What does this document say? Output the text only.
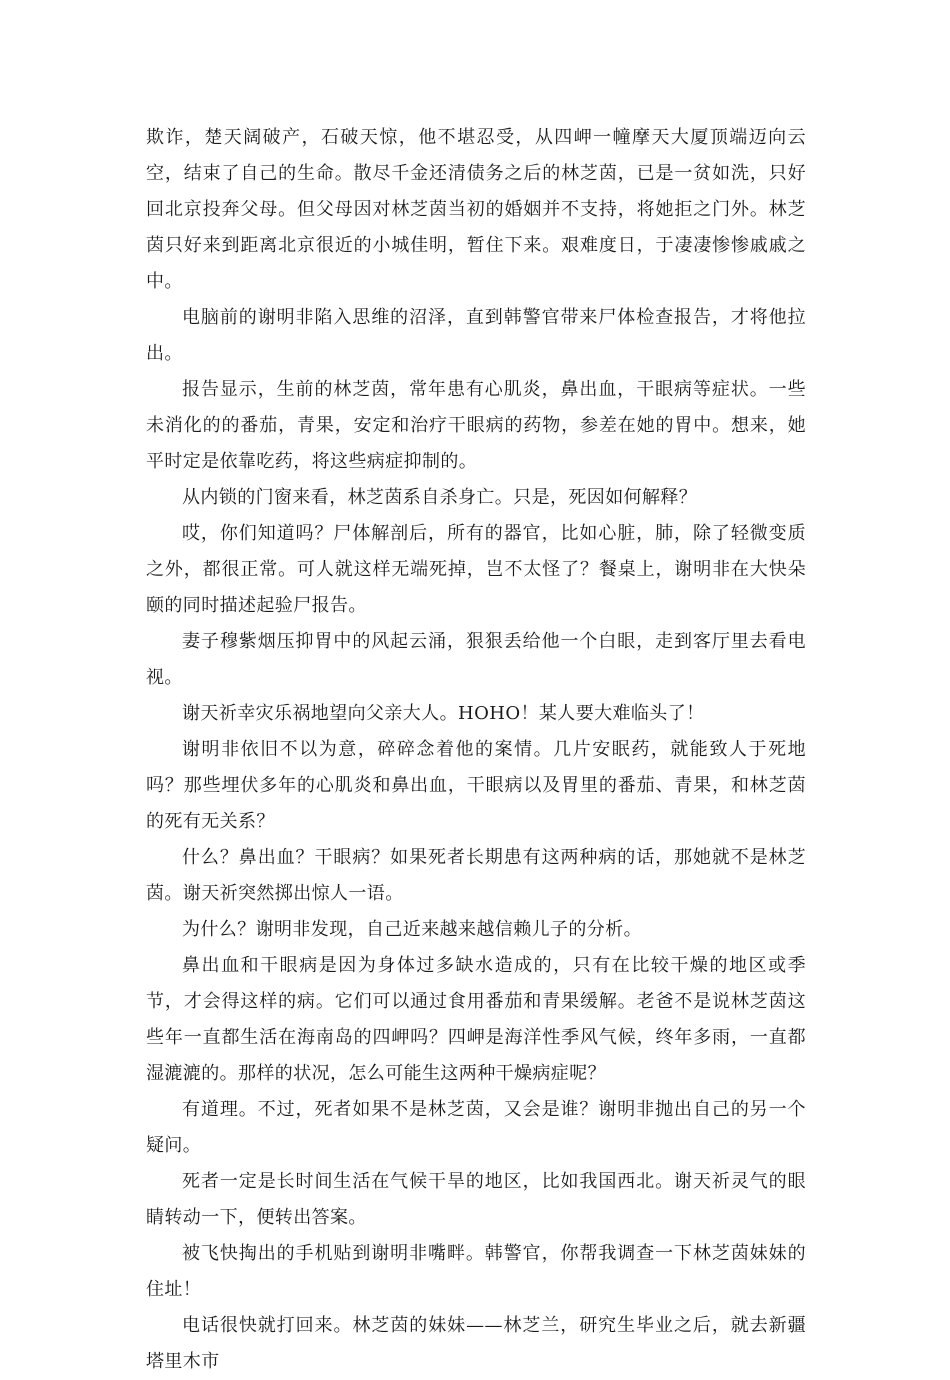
欺诈，楚天阔破产，石破天惊，他不堪忍受，从四岬一幢摩天大厦顶端迈向云空，结束了自己的生命。散尽千金还清债务之后的林芝茵，已是一贫如洗，只好回北京投奔父母。但父母因对林芝茵当初的婚姻并不支持，将她拒之门外。林芝茵只好来到距离北京很近的小城佳明，暂住下来。艰难度日，于凄凄惨惨戚戚之中。

电脑前的谢明非陷入思维的沼泽，直到韩警官带来尸体检查报告，才将他拉出。

报告显示，生前的林芝茵，常年患有心肌炎，鼻出血，干眼病等症状。一些未消化的的番茄，青果，安定和治疗干眼病的药物，参差在她的胃中。想来，她平时定是依靠吃药，将这些病症抑制的。

从内锁的门窗来看，林芝茵系自杀身亡。只是，死因如何解释？

哎，你们知道吗？尸体解剖后，所有的器官，比如心脏，肺，除了轻微变质之外，都很正常。可人就这样无端死掉，岂不太怪了？餐桌上，谢明非在大快朵颐的同时描述起验尸报告。

妻子穆紫烟压抑胃中的风起云涌，狠狠丢给他一个白眼，走到客厅里去看电视。

谢天祈幸灾乐祸地望向父亲大人。HOHO！某人要大难临头了！

谢明非依旧不以为意，碎碎念着他的案情。几片安眠药，就能致人于死地吗？那些埋伏多年的心肌炎和鼻出血，干眼病以及胃里的番茄、青果，和林芝茵的死有无关系？

什么？鼻出血？干眼病？如果死者长期患有这两种病的话，那她就不是林芝茵。谢天祈突然掷出惊人一语。

为什么？谢明非发现，自己近来越来越信赖儿子的分析。

鼻出血和干眼病是因为身体过多缺水造成的，只有在比较干燥的地区或季节，才会得这样的病。它们可以通过食用番茄和青果缓解。老爸不是说林芝茵这些年一直都生活在海南岛的四岬吗？四岬是海洋性季风气候，终年多雨，一直都湿漉漉的。那样的状况，怎么可能生这两种干燥病症呢？

有道理。不过，死者如果不是林芝茵，又会是谁？谢明非抛出自己的另一个疑问。

死者一定是长时间生活在气候干旱的地区，比如我国西北。谢天祈灵气的眼睛转动一下，便转出答案。

被飞快掏出的手机贴到谢明非嘴畔。韩警官，你帮我调查一下林芝茵妹妹的住址！

电话很快就打回来。林芝茵的妹妹——林芝兰，研究生毕业之后，就去新疆塔里木市
